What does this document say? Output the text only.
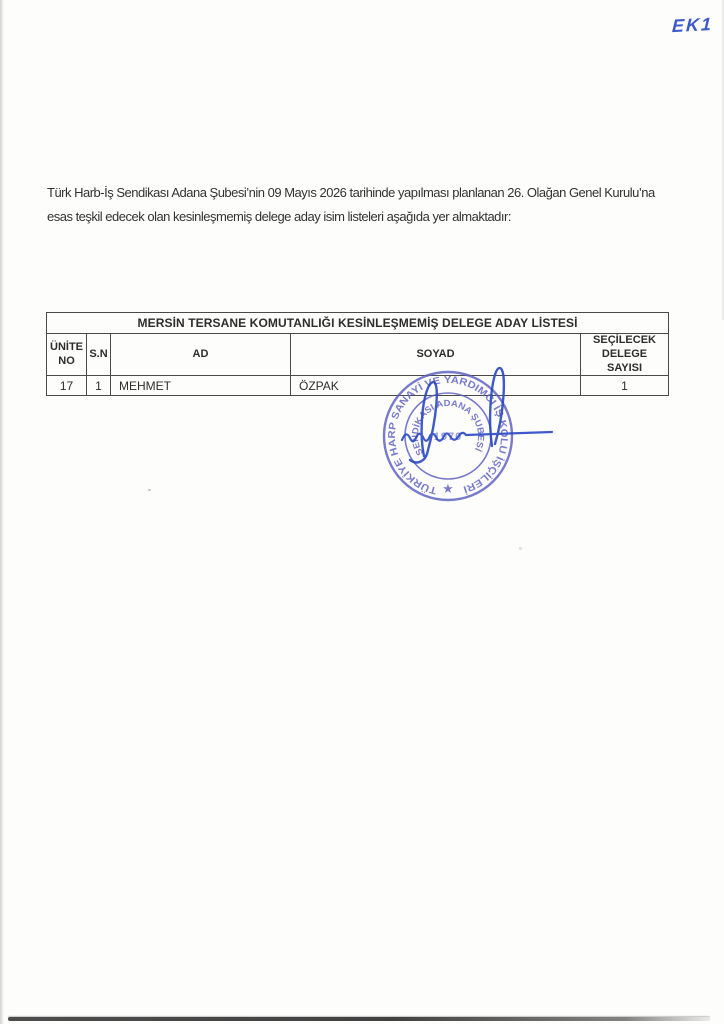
EK1
Türk Harb-İş Sendikası Adana Şubesi’nin 09 Mayıs 2026 tarihinde yapılması planlanan 26. Olağan Genel Kurulu’na
esas teşkil edecek olan kesinleşmemiş delege aday isim listeleri aşağıda yer almaktadır:
MERSİN TERSANE KOMUTANLIĞI KESİNLEŞMEMİŞ DELEGE ADAY LİSTESİ				
ÜNİTE NO	S.N	AD	SOYAD	SEÇİLECEK DELEGE SAYISI
17	1	MEHMET	ÖZPAK	1
TÜRKİYE HARP SANAYİ VE YARDIMCI İŞ KOLU İŞÇİLERİ
SENDİKASI ADANA ŞUBESİ
★
1970
